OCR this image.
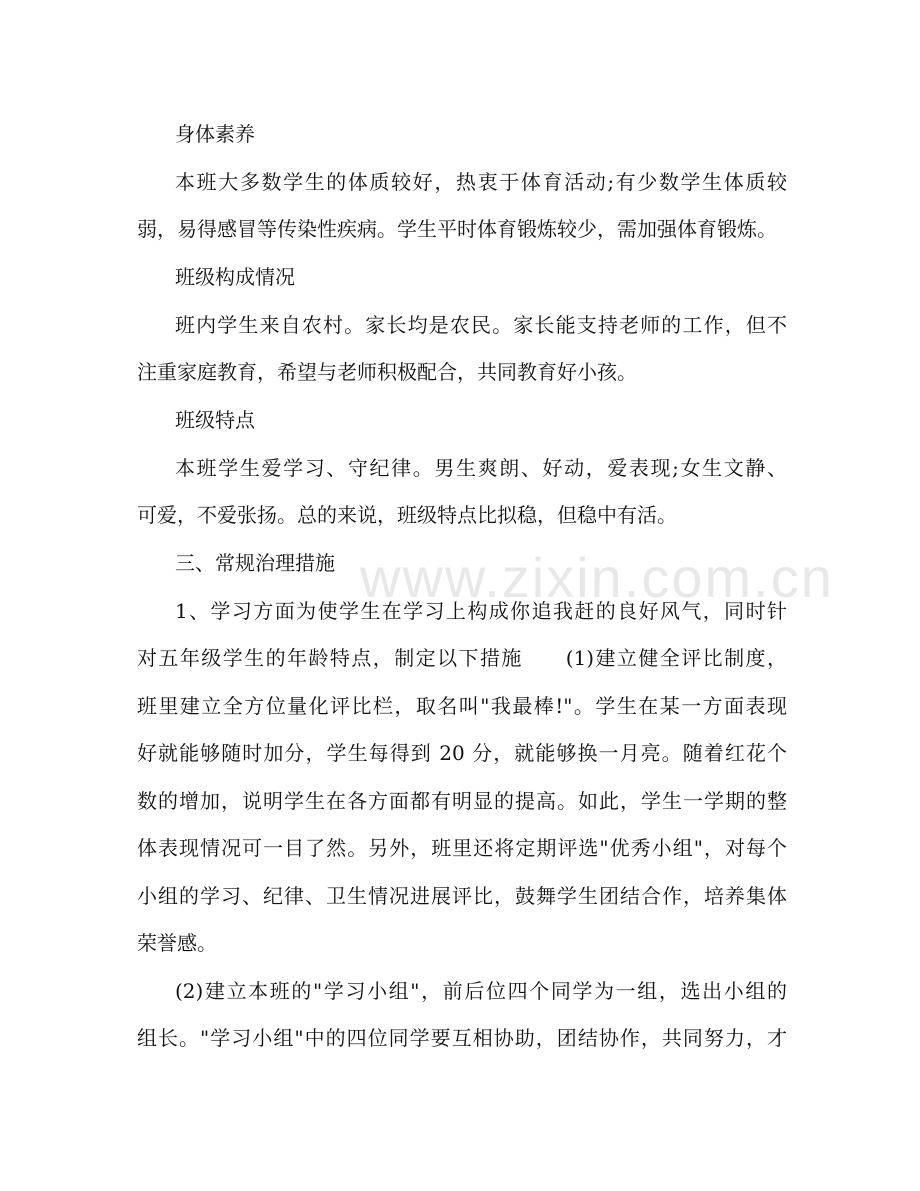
www.zixin.com.cn
身体素养
本班大多数学生的体质较好，热衷于体育活动;有少数学生体质较
弱，易得感冒等传染性疾病。学生平时体育锻炼较少，需加强体育锻炼。
班级构成情况
班内学生来自农村。家长均是农民。家长能支持老师的工作，但不
注重家庭教育，希望与老师积极配合，共同教育好小孩。
班级特点
本班学生爱学习、守纪律。男生爽朗、好动，爱表现;女生文静、
可爱，不爱张扬。总的来说，班级特点比拟稳，但稳中有活。
三、常规治理措施
1、学习方面为使学生在学习上构成你追我赶的良好风气，同时针
对五年级学生的年龄特点，制定以下措施　　(1)建立健全评比制度，
班里建立全方位量化评比栏，取名叫"我最棒!"。学生在某一方面表现
好就能够随时加分，学生每得到 20 分，就能够换一月亮。随着红花个
数的增加，说明学生在各方面都有明显的提高。如此，学生一学期的整
体表现情况可一目了然。另外，班里还将定期评选"优秀小组"，对每个
小组的学习、纪律、卫生情况进展评比，鼓舞学生团结合作，培养集体
荣誉感。
(2)建立本班的"学习小组"，前后位四个同学为一组，选出小组的
组长。"学习小组"中的四位同学要互相协助，团结协作，共同努力，才
